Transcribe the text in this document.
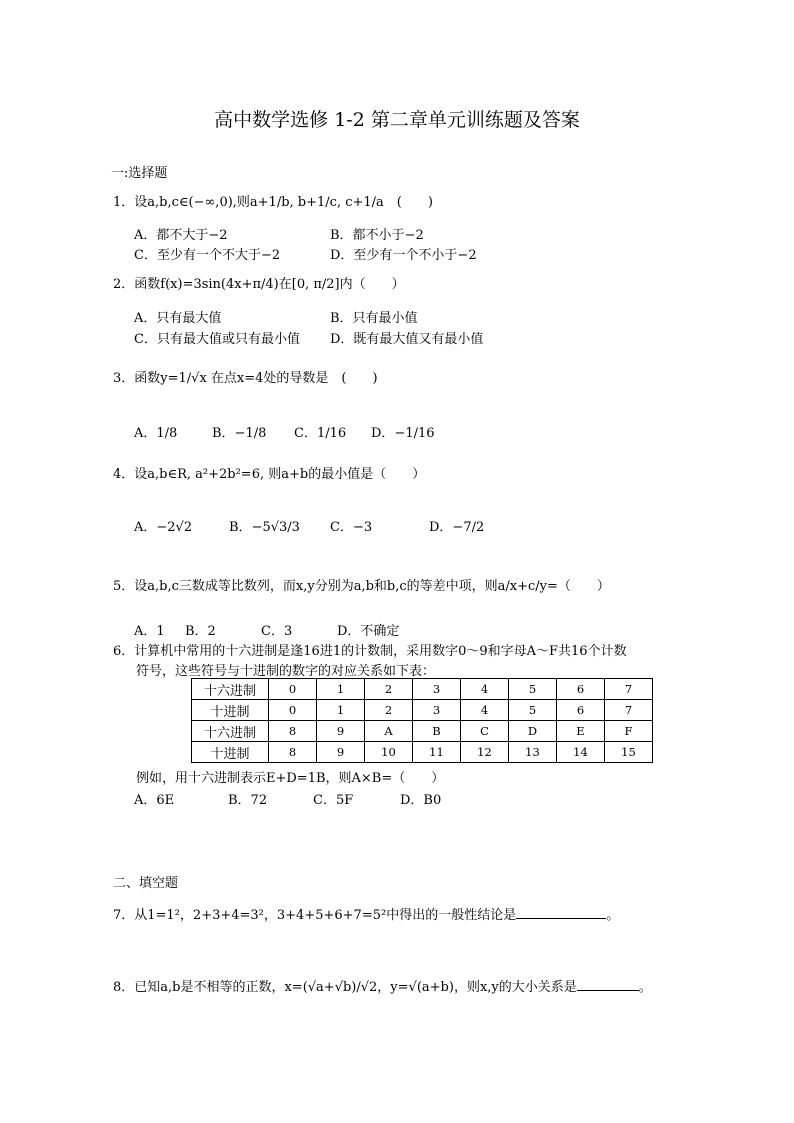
高中数学选修 1-2 第二章单元训练题及答案
一:选择题
1．设a,b,c∈(−∞,0),则a+1/b, b+1/c, c+1/a　(　　)
A．都不大于−2	B．都不小于−2
C．至少有一个不大于−2	D．至少有一个不小于−2
2．函数f(x)=3sin(4x+π/4)在[0, π/2]内（　　）
A．只有最大值	B．只有最小值
C．只有最大值或只有最小值 D．既有最大值又有最小值
3．函数y=1/√x 在点x=4处的导数是　(　　)
A．1/8	B．−1/8 C．1/16 D．−1/16
4．设a,b∈R, a²+2b²=6, 则a+b的最小值是（　　）
A．−2√2	B．−5√3/3 C．−3	D．−7/2
5．设a,b,c三数成等比数列，而x,y分别为a,b和b,c的等差中项，则a/x+c/y=（　　）
A．1 B．2	C．3	D．不确定
6．计算机中常用的十六进制是逢16进1的计数制，采用数字0～9和字母A～F共16个计数
符号，这些符号与十进制的数字的对应关系如下表：
十六进制	0	1	2	3	4	5	6	7
十进制	0	1	2	3	4	5	6	7
十六进制	8	9	A	B	C	D	E	F
十进制	8	9	10	11	12	13	14	15
例如，用十六进制表示E+D=1B，则A×B=（　　）
A．6E	B．72	C．5F	D．B0
二、填空题
7．从1=1²，2+3+4=3²，3+4+5+6+7=5²中得出的一般性结论是	。
8．已知a,b是不相等的正数，x=(√a+√b)/√2，y=√(a+b)，则x,y的大小关系是	。
